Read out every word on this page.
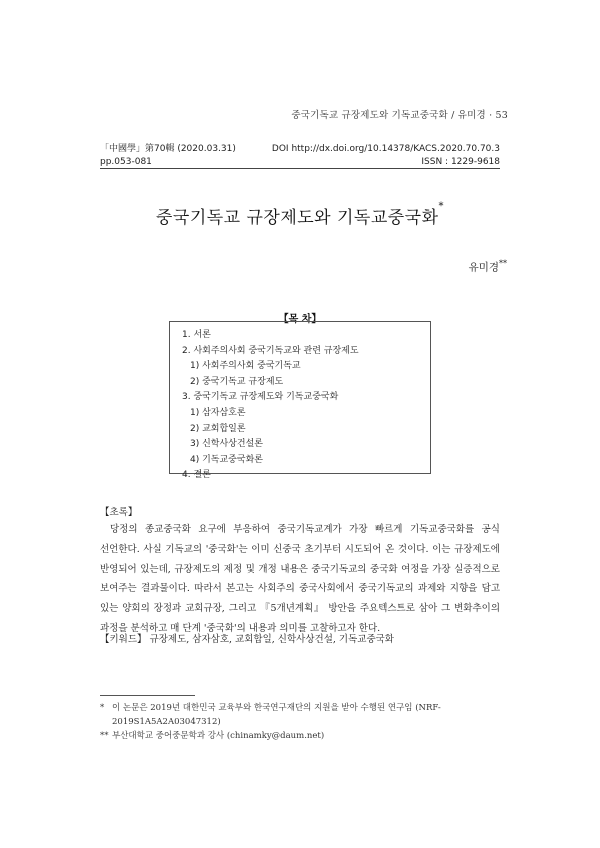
중국기독교 규장제도와 기독교중국화 / 유미경 · 53
「中國學」第70輯 (2020.03.31)	DOI http://dx.doi.org/10.14378/KACS.2020.70.70.3
pp.053-081	ISSN : 1229-9618
중국기독교 규장제도와 기독교중국화*
유미경**
【목 차】
1. 서론
2. 사회주의사회 중국기독교와 관련 규장제도
1) 사회주의사회 중국기독교
2) 중국기독교 규장제도
3. 중국기독교 규장제도와 기독교중국화
1) 삼자삼호론
2) 교회합일론
3) 신학사상건설론
4) 기독교중국화론
4. 결론
【초록】
당정의 종교중국화 요구에 부응하여 중국기독교계가 가장 빠르게 기독교중국화를 공식 선언한다. 사실 기독교의 '중국화'는 이미 신중국 초기부터 시도되어 온 것이다. 이는 규장제도에 반영되어 있는데, 규장제도의 제정 및 개정 내용은 중국기독교의 중국화 여정을 가장 실증적으로 보여주는 결과물이다. 따라서 본고는 사회주의 중국사회에서 중국기독교의 과제와 지향을 담고 있는 양회의 장정과 교회규장, 그리고 『5개년계획』 방안을 주요텍스트로 삼아 그 변화추이의 과정을 분석하고 매 단계 '중국화'의 내용과 의미를 고찰하고자 한다.
【키워드】 규장제도, 삼자삼호, 교회합일, 신학사상건설, 기독교중국화
* 이 논문은 2019년 대한민국 교육부와 한국연구재단의 지원을 받아 수행된 연구임 (NRF-2019S1A5A2A03047312)
** 부산대학교 중어중문학과 강사 (chinamky@daum.net)
